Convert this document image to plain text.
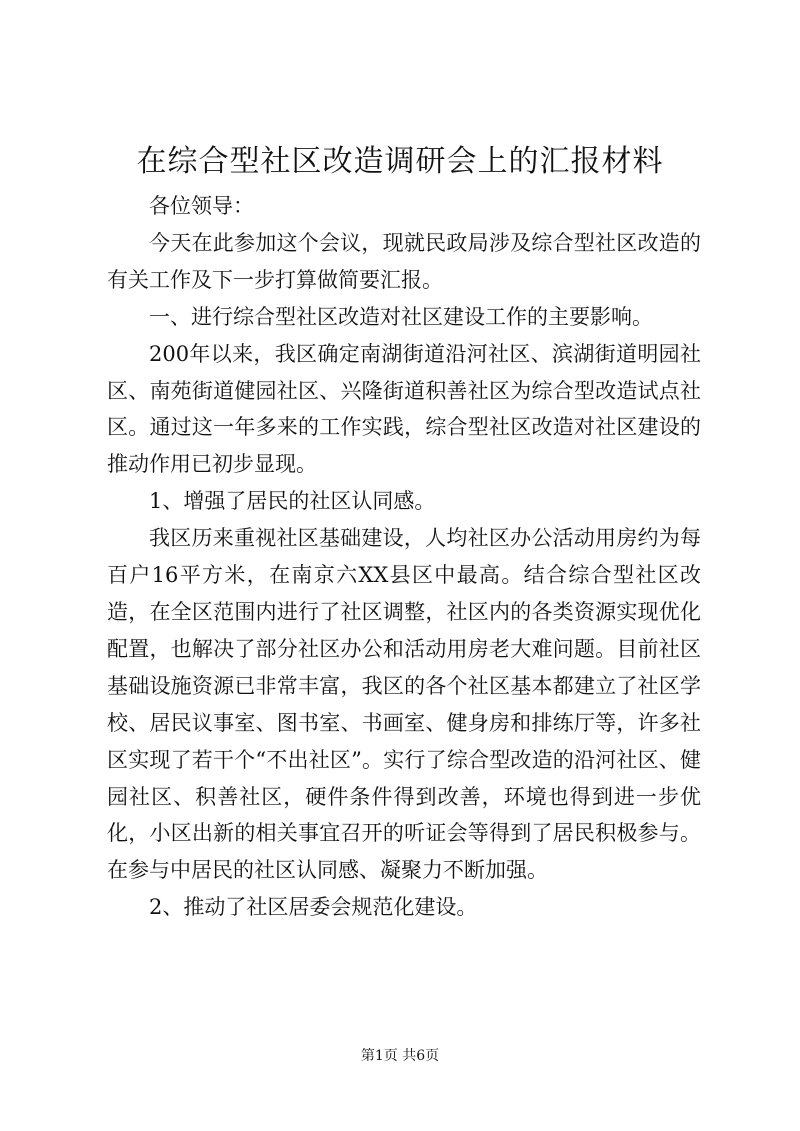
在综合型社区改造调研会上的汇报材料

各位领导：

今天在此参加这个会议，现就民政局涉及综合型社区改造的有关工作及下一步打算做简要汇报。

一、进行综合型社区改造对社区建设工作的主要影响。

200年以来，我区确定南湖街道沿河社区、滨湖街道明园社区、南苑街道健园社区、兴隆街道积善社区为综合型改造试点社区。通过这一年多来的工作实践，综合型社区改造对社区建设的推动作用已初步显现。

1、增强了居民的社区认同感。

我区历来重视社区基础建设，人均社区办公活动用房约为每百户16平方米，在南京六XX县区中最高。结合综合型社区改造，在全区范围内进行了社区调整，社区内的各类资源实现优化配置，也解决了部分社区办公和活动用房老大难问题。目前社区基础设施资源已非常丰富，我区的各个社区基本都建立了社区学校、居民议事室、图书室、书画室、健身房和排练厅等，许多社区实现了若干个“不出社区”。实行了综合型改造的沿河社区、健园社区、积善社区，硬件条件得到改善，环境也得到进一步优化，小区出新的相关事宜召开的听证会等得到了居民积极参与。在参与中居民的社区认同感、凝聚力不断加强。

2、推动了社区居委会规范化建设。

第1页 共6页
